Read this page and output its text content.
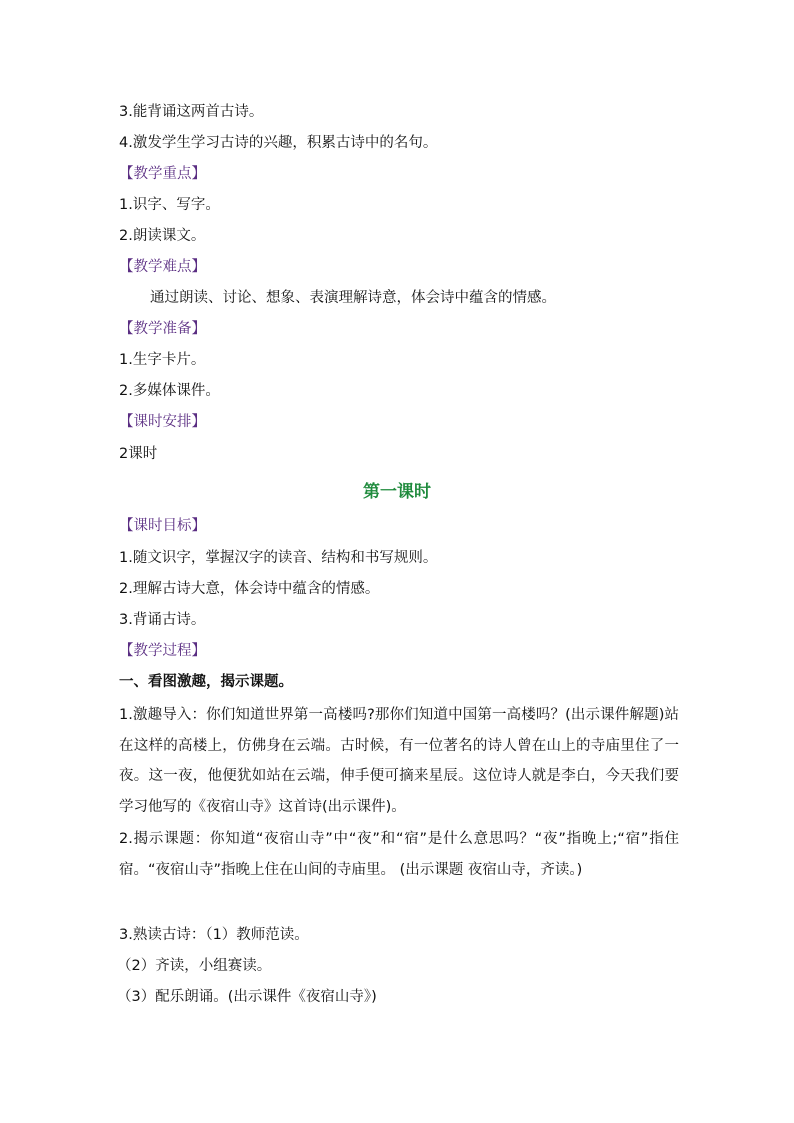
3.能背诵这两首古诗。
4.激发学生学习古诗的兴趣，积累古诗中的名句。
【教学重点】
1.识字、写字。
2.朗读课文。
【教学难点】
通过朗读、讨论、想象、表演理解诗意，体会诗中蕴含的情感。
【教学准备】
1.生字卡片。
2.多媒体课件。
【课时安排】
2课时
第一课时
【课时目标】
1.随文识字，掌握汉字的读音、结构和书写规则。
2.理解古诗大意，体会诗中蕴含的情感。
3.背诵古诗。
【教学过程】
一、看图激趣，揭示课题。
1.激趣导入：你们知道世界第一高楼吗?那你们知道中国第一高楼吗？(出示课件解题)站在这样的高楼上，仿佛身在云端。古时候，有一位著名的诗人曾在山上的寺庙里住了一夜。这一夜，他便犹如站在云端，伸手便可摘来星辰。这位诗人就是李白，今天我们要学习他写的《夜宿山寺》这首诗(出示课件)。
2.揭示课题：你知道“夜宿山寺”中“夜”和“宿”是什么意思吗？“夜”指晚上;“宿”指住宿。“夜宿山寺”指晚上住在山间的寺庙里。 (出示课题 夜宿山寺，齐读。)
3.熟读古诗：（1）教师范读。
（2）齐读，小组赛读。
（3）配乐朗诵。(出示课件《夜宿山寺》)
